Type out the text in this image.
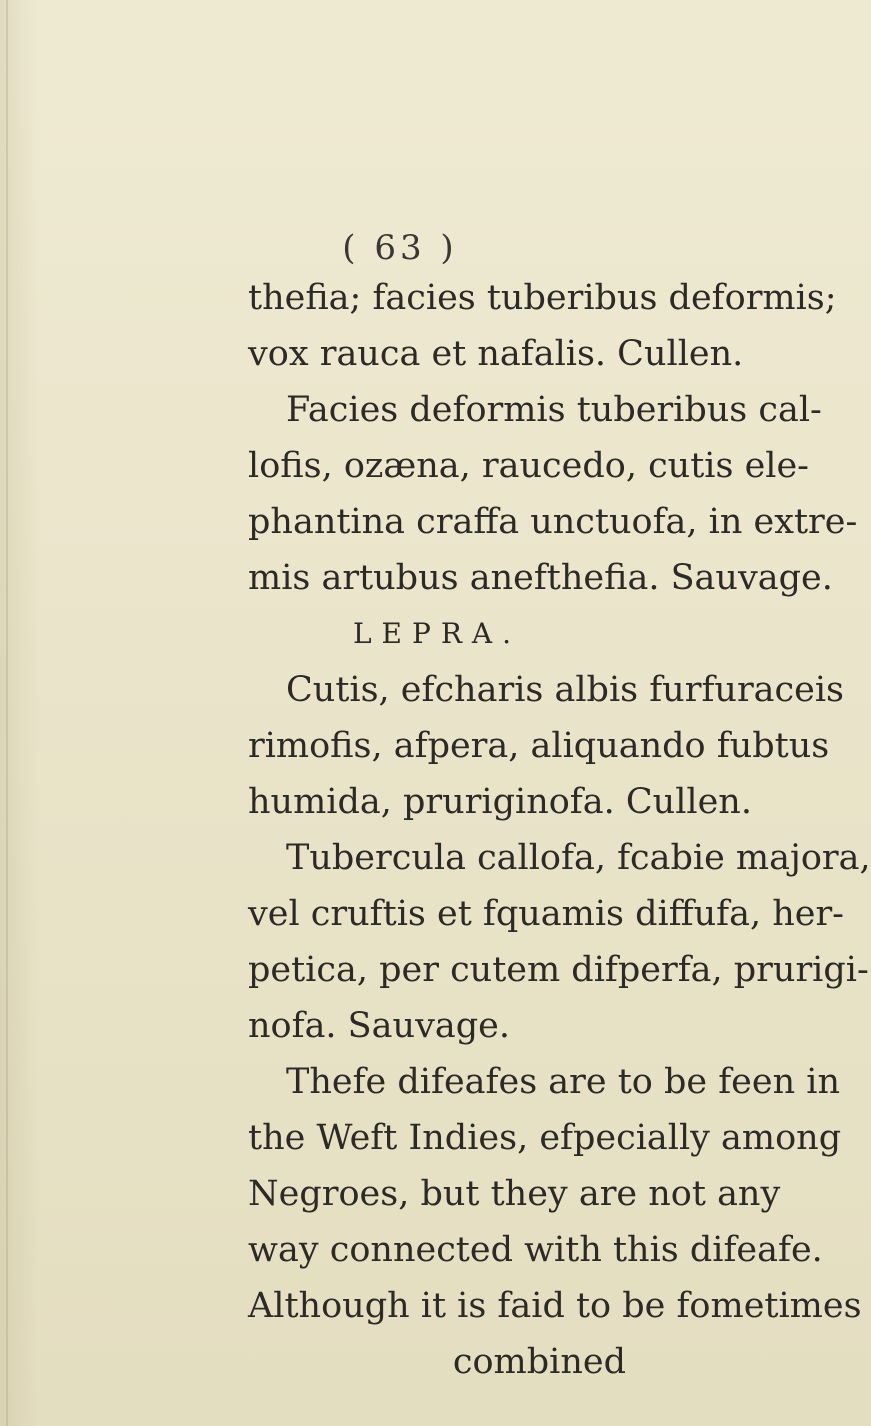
( 63 )
thefia; facies tuberibus deformis;
vox rauca et nafalis. Cullen.
Facies deformis tuberibus cal-
lofis, ozæna, raucedo, cutis ele-
phantina craffa unctuofa, in extre-
mis artubus anefthefia. Sauvage.
LEPRA.
Cutis, efcharis albis furfuraceis
rimofis, afpera, aliquando fubtus
humida, pruriginofa. Cullen.
Tubercula callofa, fcabie majora,
vel cruftis et fquamis diffufa, her-
petica, per cutem difperfa, prurigi-
nofa. Sauvage.
Thefe difeafes are to be feen in
the Weft Indies, efpecially among
Negroes, but they are not any
way connected with this difeafe.
Although it is faid to be fometimes
combined
